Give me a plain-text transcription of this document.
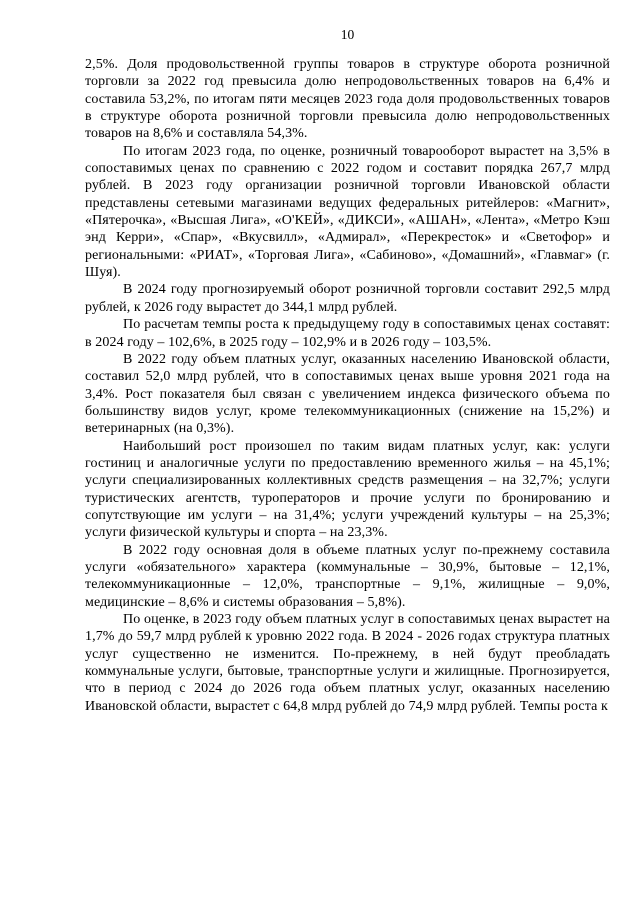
10

2,5%. Доля продовольственной группы товаров в структуре оборота розничной торговли за 2022 год превысила долю непродовольственных товаров на 6,4% и составила 53,2%, по итогам пяти месяцев 2023 года доля продовольственных товаров в структуре оборота розничной торговли превысила долю непродовольственных товаров на 8,6% и составляла 54,3%.

По итогам 2023 года, по оценке, розничный товарооборот вырастет на 3,5% в сопоставимых ценах по сравнению с 2022 годом и составит порядка 267,7 млрд рублей. В 2023 году организации розничной торговли Ивановской области представлены сетевыми магазинами ведущих федеральных ритейлеров: «Магнит», «Пятерочка», «Высшая Лига», «О'КЕЙ», «ДИКСИ», «АШАН», «Лента», «Метро Кэш энд Керри», «Спар», «Вкусвилл», «Адмирал», «Перекресток» и «Светофор» и региональными: «РИАТ», «Торговая Лига», «Сабиново», «Домашний», «Главмаг» (г. Шуя).

В 2024 году прогнозируемый оборот розничной торговли составит 292,5 млрд рублей, к 2026 году вырастет до 344,1 млрд рублей.

По расчетам темпы роста к предыдущему году в сопоставимых ценах составят: в 2024 году – 102,6%, в 2025 году – 102,9% и в 2026 году – 103,5%.

В 2022 году объем платных услуг, оказанных населению Ивановской области, составил 52,0 млрд рублей, что в сопоставимых ценах выше уровня 2021 года на 3,4%. Рост показателя был связан с увеличением индекса физического объема по большинству видов услуг, кроме телекоммуникационных (снижение на 15,2%) и ветеринарных (на 0,3%).

Наибольший рост произошел по таким видам платных услуг, как: услуги гостиниц и аналогичные услуги по предоставлению временного жилья – на 45,1%; услуги специализированных коллективных средств размещения – на 32,7%; услуги туристических агентств, туроператоров и прочие услуги по бронированию и сопутствующие им услуги – на 31,4%; услуги учреждений культуры – на 25,3%; услуги физической культуры и спорта – на 23,3%.

В 2022 году основная доля в объеме платных услуг по-прежнему составила услуги «обязательного» характера (коммунальные – 30,9%, бытовые – 12,1%, телекоммуникационные – 12,0%, транспортные – 9,1%, жилищные – 9,0%, медицинские – 8,6% и системы образования – 5,8%).

По оценке, в 2023 году объем платных услуг в сопоставимых ценах вырастет на 1,7% до 59,7 млрд рублей к уровню 2022 года. В 2024 - 2026 годах структура платных услуг существенно не изменится. По-прежнему, в ней будут преобладать коммунальные услуги, бытовые, транспортные услуги и жилищные. Прогнозируется, что в период с 2024 до 2026 года объем платных услуг, оказанных населению Ивановской области, вырастет с 64,8 млрд рублей до 74,9 млрд рублей. Темпы роста к
